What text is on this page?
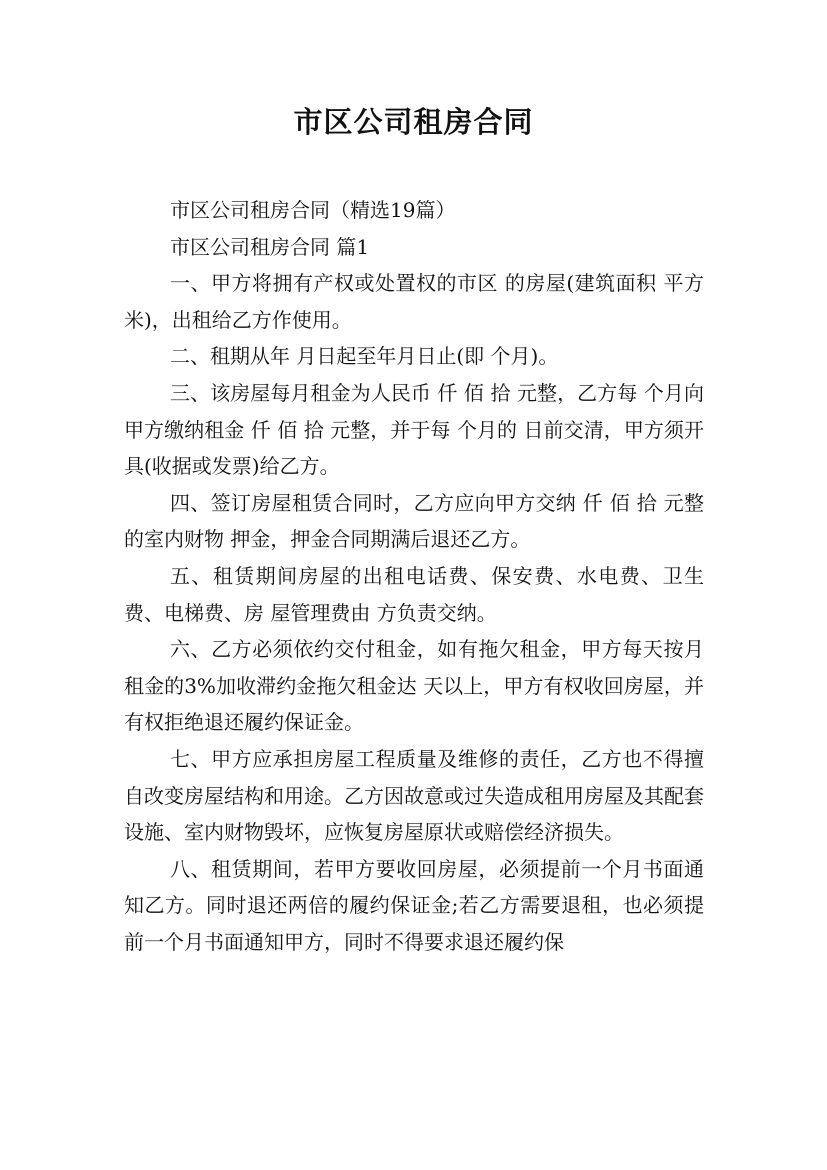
市区公司租房合同

市区公司租房合同（精选19篇）

市区公司租房合同 篇1

一、甲方将拥有产权或处置权的市区 的房屋(建筑面积 平方米)，出租给乙方作使用。

二、租期从年 月日起至年月日止(即 个月)。

三、该房屋每月租金为人民币 仟 佰 拾 元整，乙方每 个月向甲方缴纳租金 仟 佰 拾 元整，并于每 个月的 日前交清，甲方须开具(收据或发票)给乙方。

四、签订房屋租赁合同时，乙方应向甲方交纳 仟 佰 拾 元整的室内财物 押金，押金合同期满后退还乙方。

五、租赁期间房屋的出租电话费、保安费、水电费、卫生费、电梯费、房 屋管理费由 方负责交纳。

六、乙方必须依约交付租金，如有拖欠租金，甲方每天按月租金的3%加收滞约金拖欠租金达 天以上，甲方有权收回房屋，并有权拒绝退还履约保证金。

七、甲方应承担房屋工程质量及维修的责任，乙方也不得擅自改变房屋结构和用途。乙方因故意或过失造成租用房屋及其配套设施、室内财物毁坏，应恢复房屋原状或赔偿经济损失。

八、租赁期间，若甲方要收回房屋，必须提前一个月书面通知乙方。同时退还两倍的履约保证金;若乙方需要退租，也必须提前一个月书面通知甲方，同时不得要求退还履约保
